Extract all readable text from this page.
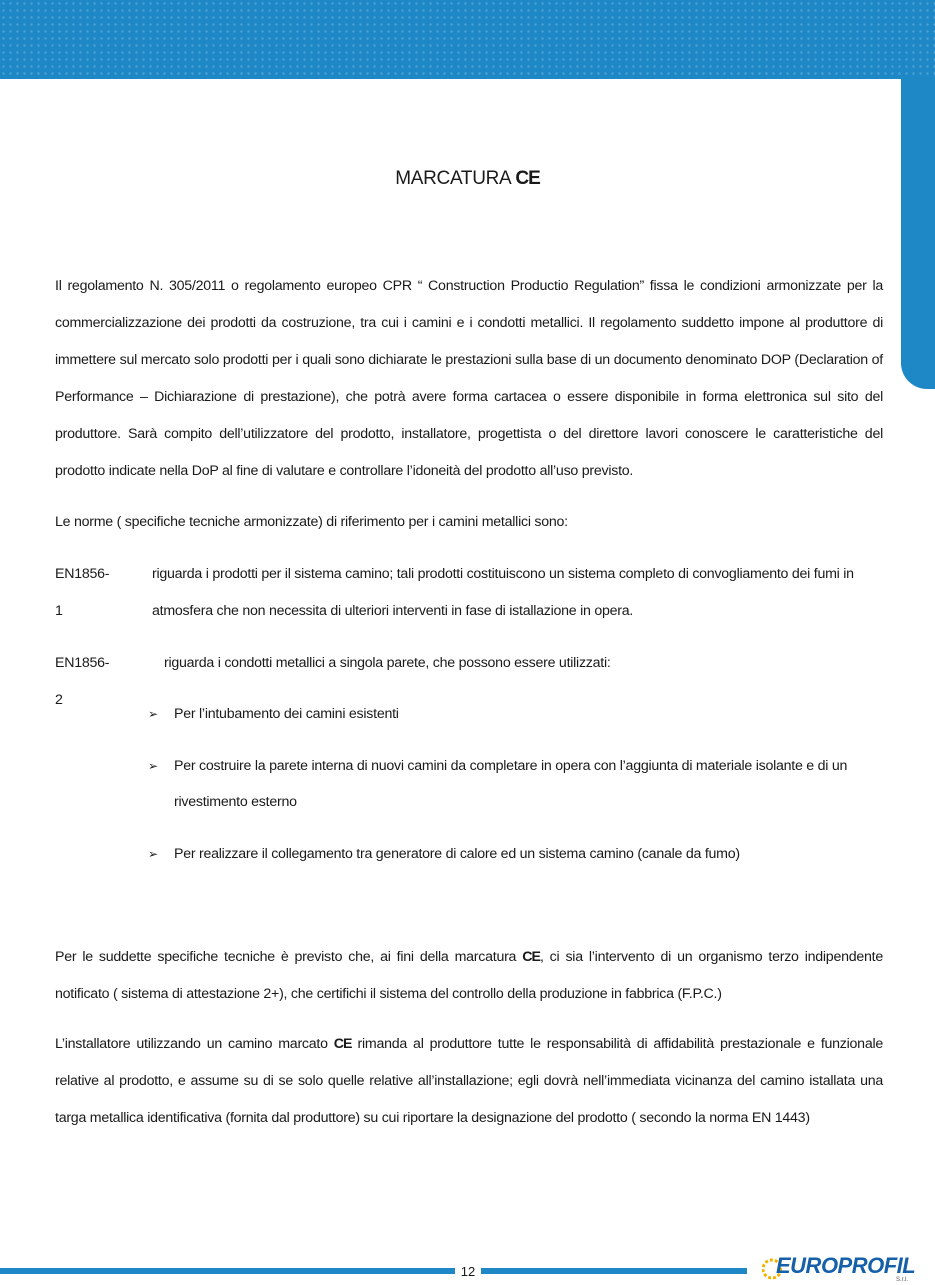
MARCATURA CE

Il regolamento N. 305/2011 o regolamento europeo CPR “ Construction Productio Regulation” fissa le condizioni armonizzate per la commercializzazione dei prodotti da costruzione, tra cui i camini e i condotti metallici. Il regolamento suddetto impone al produttore di immettere sul mercato solo prodotti per i quali sono dichiarate le prestazioni sulla base di un documento denominato DOP (Declaration of Performance – Dichiarazione di prestazione), che potrà avere forma cartacea o essere disponibile in forma elettronica sul sito del produttore. Sarà compito dell’utilizzatore del prodotto, installatore, progettista o del direttore lavori conoscere le caratteristiche del prodotto indicate nella DoP al fine di valutare e controllare l’idoneità del prodotto all’uso previsto.

Le norme ( specifiche tecniche armonizzate) di riferimento per i camini metallici sono:

EN1856-1
riguarda i prodotti per il sistema camino; tali prodotti costituiscono un sistema completo di convogliamento dei fumi in
atmosfera che non necessita di ulteriori interventi in fase di istallazione in opera.
EN1856-2
riguarda i condotti metallici a singola parete, che possono essere utilizzati:
➢ Per l’intubamento dei camini esistenti
➢ Per costruire la parete interna di nuovi camini da completare in opera con l’aggiunta di materiale isolante e di un
rivestimento esterno
➢ Per realizzare il collegamento tra generatore di calore ed un sistema camino (canale da fumo)

Per le suddette specifiche tecniche è previsto che, ai fini della marcatura CE, ci sia l’intervento di un organismo terzo indipendente notificato ( sistema di attestazione 2+), che certifichi il sistema del controllo della produzione in fabbrica (F.P.C.)

L’installatore utilizzando un camino marcato CE rimanda al produttore tutte le responsabilità di affidabilità prestazionale e funzionale relative al prodotto, e assume su di se solo quelle relative all’installazione; egli dovrà nell’immediata vicinanza del camino istallata una targa metallica identificativa (fornita dal produttore) su cui riportare la designazione del prodotto ( secondo la norma EN 1443)

12	EUROPROFIL
S.r.l.
